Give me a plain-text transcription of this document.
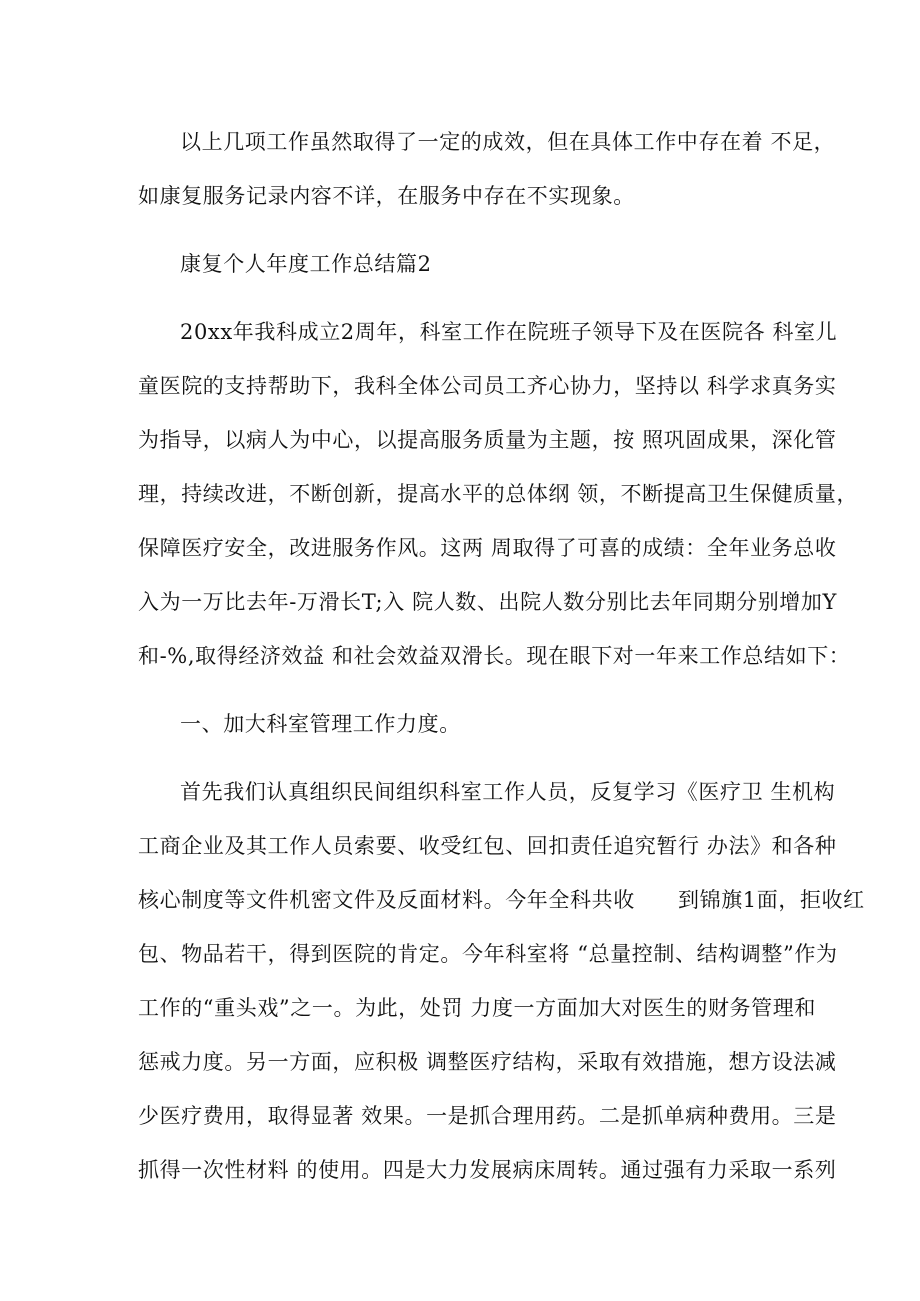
以上几项工作虽然取得了一定的成效，但在具体工作中存在着 不足，
如康复服务记录内容不详，在服务中存在不实现象。
康复个人年度工作总结篇2
20xx年我科成立2周年，科室工作在院班子领导下及在医院各 科室儿
童医院的支持帮助下，我科全体公司员工齐心协力，坚持以 科学求真务实
为指导，以病人为中心，以提高服务质量为主题，按 照巩固成果，深化管
理，持续改进，不断创新，提高水平的总体纲 领，不断提高卫生保健质量，
保障医疗安全，改进服务作风。这两 周取得了可喜的成绩：全年业务总收
入为一万比去年-万滑长T;入 院人数、出院人数分别比去年同期分别增加Y
和-%,取得经济效益 和社会效益双滑长。现在眼下对一年来工作总结如下：
一、加大科室管理工作力度。
首先我们认真组织民间组织科室工作人员，反复学习《医疗卫 生机构
工商企业及其工作人员索要、收受红包、回扣责任追究暂行 办法》和各种
核心制度等文件机密文件及反面材料。今年全科共收　　到锦旗1面，拒收红
包、物品若干，得到医院的肯定。今年科室将 “总量控制、结构调整”作为
工作的“重头戏”之一。为此，处罚 力度一方面加大对医生的财务管理和
惩戒力度。另一方面，应积极 调整医疗结构，采取有效措施，想方设法减
少医疗费用，取得显著 效果。一是抓合理用药。二是抓单病种费用。三是
抓得一次性材料 的使用。四是大力发展病床周转。通过强有力采取一系列
